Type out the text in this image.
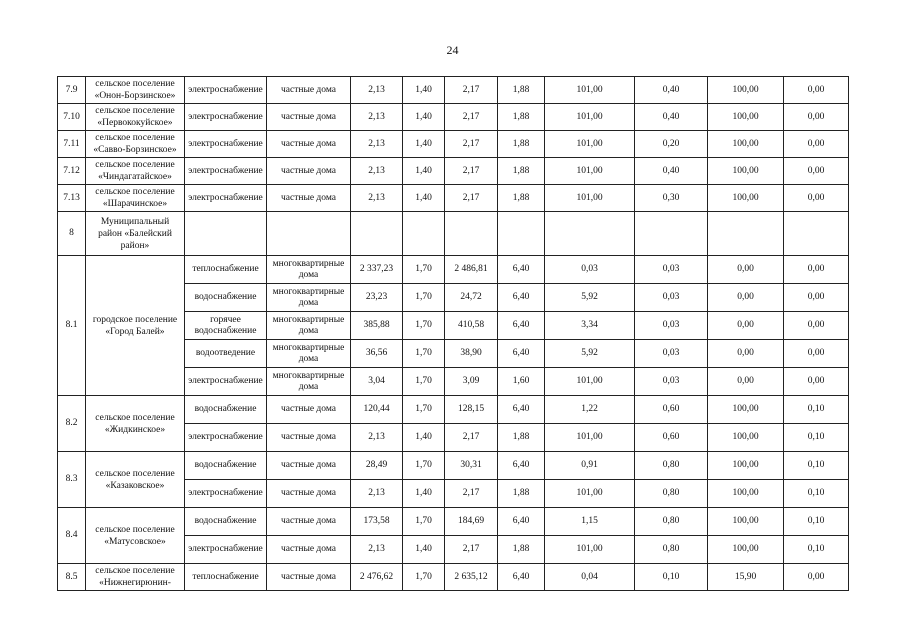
24
7.9	сельское поселение
«Онон-Борзинское»	электроснабжение	частные дома	2,13	1,40	2,17	1,88	101,00	0,40	100,00	0,00
7.10	сельское поселение
«Первококуйское»	электроснабжение	частные дома	2,13	1,40	2,17	1,88	101,00	0,40	100,00	0,00
7.11	сельское поселение
«Савво-Борзинское»	электроснабжение	частные дома	2,13	1,40	2,17	1,88	101,00	0,20	100,00	0,00
7.12	сельское поселение
«Чиндагатайское»	электроснабжение	частные дома	2,13	1,40	2,17	1,88	101,00	0,40	100,00	0,00
7.13	сельское поселение
«Шарачинское»	электроснабжение	частные дома	2,13	1,40	2,17	1,88	101,00	0,30	100,00	0,00
8	Муниципальный
район «Балейский
район»										
8.1	городское поселение
«Город Балей»	теплоснабжение	многоквартирные
дома	2 337,23	1,70	2 486,81	6,40	0,03	0,03	0,00	0,00
		водоснабжение	многоквартирные
дома	23,23	1,70	24,72	6,40	5,92	0,03	0,00	0,00
		горячее
водоснабжение	многоквартирные
дома	385,88	1,70	410,58	6,40	3,34	0,03	0,00	0,00
		водоотведение	многоквартирные
дома	36,56	1,70	38,90	6,40	5,92	0,03	0,00	0,00
		электроснабжение	многоквартирные
дома	3,04	1,70	3,09	1,60	101,00	0,03	0,00	0,00
8.2	сельское поселение
«Жидкинское»	водоснабжение	частные дома	120,44	1,70	128,15	6,40	1,22	0,60	100,00	0,10
		электроснабжение	частные дома	2,13	1,40	2,17	1,88	101,00	0,60	100,00	0,10
8.3	сельское поселение
«Казаковское»	водоснабжение	частные дома	28,49	1,70	30,31	6,40	0,91	0,80	100,00	0,10
		электроснабжение	частные дома	2,13	1,40	2,17	1,88	101,00	0,80	100,00	0,10
8.4	сельское поселение
«Матусовское»	водоснабжение	частные дома	173,58	1,70	184,69	6,40	1,15	0,80	100,00	0,10
		электроснабжение	частные дома	2,13	1,40	2,17	1,88	101,00	0,80	100,00	0,10
8.5	сельское поселение
«Нижнегирюнин-	теплоснабжение	частные дома	2 476,62	1,70	2 635,12	6,40	0,04	0,10	15,90	0,00
